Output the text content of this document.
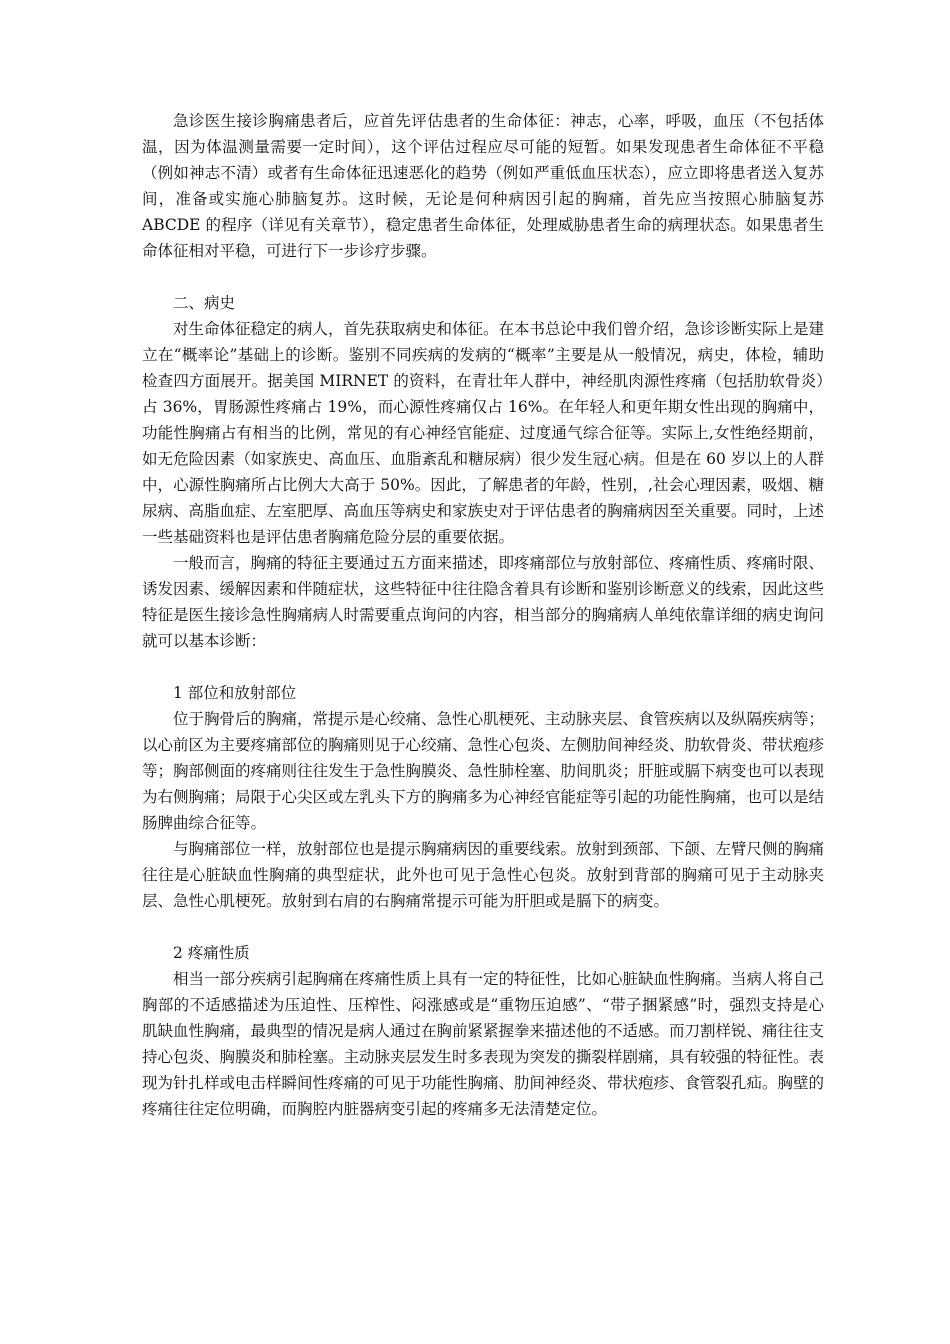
急诊医生接诊胸痛患者后，应首先评估患者的生命体征：神志，心率，呼吸，血压（不包括体温，因为体温测量需要一定时间），这个评估过程应尽可能的短暂。如果发现患者生命体征不平稳（例如神志不清）或者有生命体征迅速恶化的趋势（例如严重低血压状态），应立即将患者送入复苏间，准备或实施心肺脑复苏。这时候，无论是何种病因引起的胸痛，首先应当按照心肺脑复苏 ABCDE 的程序（详见有关章节），稳定患者生命体征，处理威胁患者生命的病理状态。如果患者生命体征相对平稳，可进行下一步诊疗步骤。

二、病史

对生命体征稳定的病人，首先获取病史和体征。在本书总论中我们曾介绍，急诊诊断实际上是建立在“概率论”基础上的诊断。鉴别不同疾病的发病的“概率”主要是从一般情况，病史，体检，辅助检查四方面展开。据美国 MIRNET 的资料，在青壮年人群中，神经肌肉源性疼痛（包括肋软骨炎）占 36%，胃肠源性疼痛占 19%，而心源性疼痛仅占 16%。在年轻人和更年期女性出现的胸痛中，功能性胸痛占有相当的比例，常见的有心神经官能症、过度通气综合征等。实际上,女性绝经期前，如无危险因素（如家族史、高血压、血脂紊乱和糖尿病）很少发生冠心病。但是在 60 岁以上的人群中，心源性胸痛所占比例大大高于 50%。因此，了解患者的年龄，性别，,社会心理因素，吸烟、糖尿病、高脂血症、左室肥厚、高血压等病史和家族史对于评估患者的胸痛病因至关重要。同时，上述一些基础资料也是评估患者胸痛危险分层的重要依据。

一般而言，胸痛的特征主要通过五方面来描述，即疼痛部位与放射部位、疼痛性质、疼痛时限、诱发因素、缓解因素和伴随症状，这些特征中往往隐含着具有诊断和鉴别诊断意义的线索，因此这些特征是医生接诊急性胸痛病人时需要重点询问的内容，相当部分的胸痛病人单纯依靠详细的病史询问就可以基本诊断：

1 部位和放射部位

位于胸骨后的胸痛，常提示是心绞痛、急性心肌梗死、主动脉夹层、食管疾病以及纵隔疾病等；以心前区为主要疼痛部位的胸痛则见于心绞痛、急性心包炎、左侧肋间神经炎、肋软骨炎、带状疱疹等；胸部侧面的疼痛则往往发生于急性胸膜炎、急性肺栓塞、肋间肌炎；肝脏或膈下病变也可以表现为右侧胸痛；局限于心尖区或左乳头下方的胸痛多为心神经官能症等引起的功能性胸痛，也可以是结肠脾曲综合征等。

与胸痛部位一样，放射部位也是提示胸痛病因的重要线索。放射到颈部、下颌、左臂尺侧的胸痛往往是心脏缺血性胸痛的典型症状，此外也可见于急性心包炎。放射到背部的胸痛可见于主动脉夹层、急性心肌梗死。放射到右肩的右胸痛常提示可能为肝胆或是膈下的病变。

2 疼痛性质

相当一部分疾病引起胸痛在疼痛性质上具有一定的特征性，比如心脏缺血性胸痛。当病人将自己胸部的不适感描述为压迫性、压榨性、闷涨感或是“重物压迫感”、“带子捆紧感”时，强烈支持是心肌缺血性胸痛，最典型的情况是病人通过在胸前紧紧握拳来描述他的不适感。而刀割样锐、痛往往支持心包炎、胸膜炎和肺栓塞。主动脉夹层发生时多表现为突发的撕裂样剧痛，具有较强的特征性。表现为针扎样或电击样瞬间性疼痛的可见于功能性胸痛、肋间神经炎、带状疱疹、食管裂孔疝。胸壁的疼痛往往定位明确，而胸腔内脏器病变引起的疼痛多无法清楚定位。
